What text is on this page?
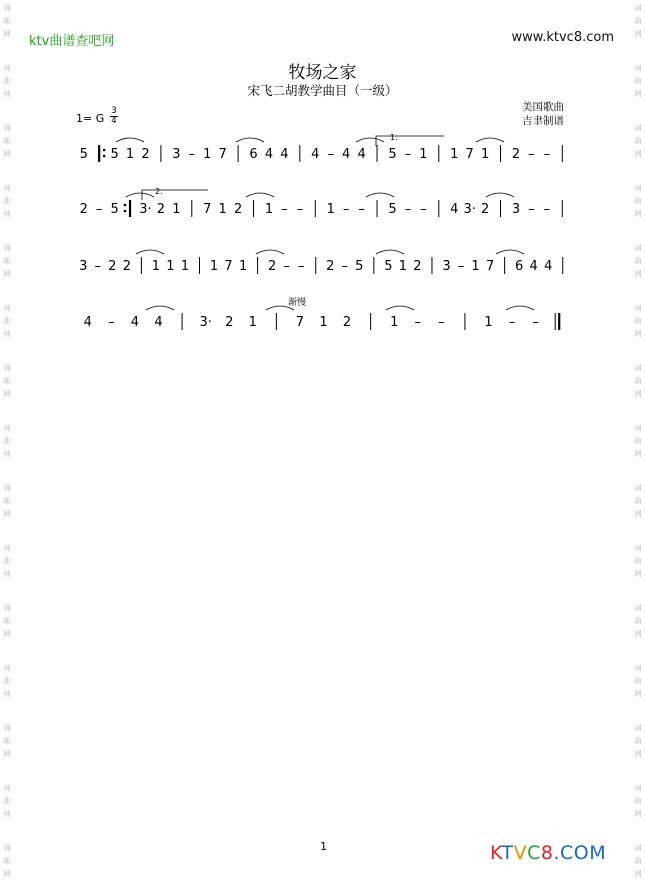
词
曲
网
词
曲
网
词
曲
网
词
曲
网
词
曲
网
词
曲
网
词
曲
网
词
曲
网
词
曲
网
词
曲
网
词
曲
网
词
曲
网
词
曲
网
词
曲
网
词
曲
网
词
曲
网
词
曲
网
词
曲
网
词
曲
网
词
曲
网
词
曲
网
词
曲
网
词
曲
网
词
曲
网
词
曲
网
词
曲
网
词
曲
网
词
曲
网
词
曲
网
词
曲
网
ktv曲谱查吧网	www.ktvc8.com
牧场之家
宋飞二胡教学曲目（一级）
1= G
3
4
美国歌曲
吉聿制谱
5 5 1 2 3 – 1 7 6 4 4 4 – 4 4 5 – 1 1 7 1 2 – –
1.
2 – 5 3· 2 1 7 1 2 1 – – 1 – – 5 – – 4 3· 2 3 – –
2.
3 – 2 2 1 1 1 1 7 1 2 – – 2 – 5 5 1 2 3 – 1 7 6 4 4
4 – 4 4	3· 2 1	7 1 2	1 – –	1 – –
渐慢
1	KTVC8.COM
